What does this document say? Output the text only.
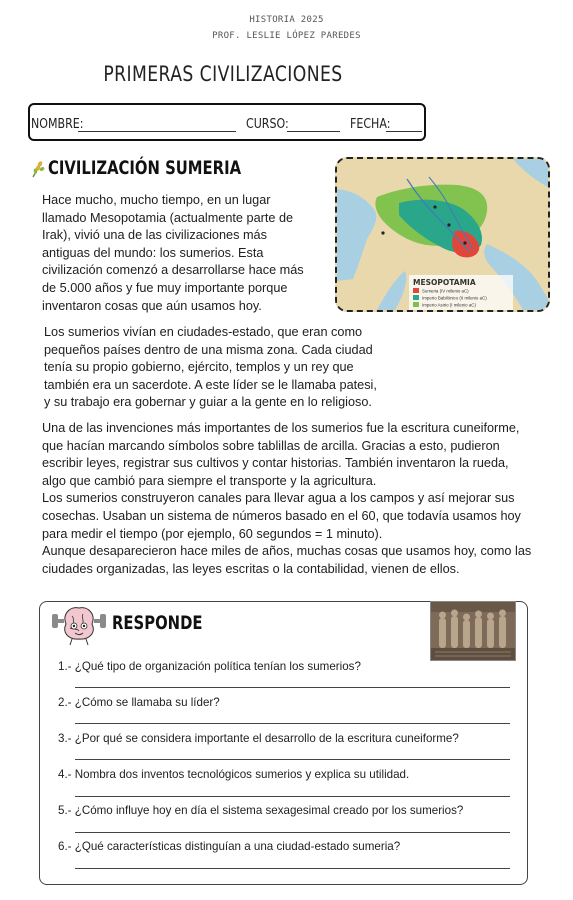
HISTORIA 2025
PROF. LESLIE LÓPEZ PAREDES
PRIMERAS CIVILIZACIONES
NOMBRE:	CURSO:	FECHA:
CIVILIZACIÓN SUMERIA
Hace mucho, mucho tiempo, en un lugar
llamado Mesopotamia (actualmente parte de
Irak), vivió una de las civilizaciones más
antiguas del mundo: los sumerios. Esta
civilización comenzó a desarrollarse hace más
de 5.000 años y fue muy importante porque
inventaron cosas que aún usamos hoy.
MESOPOTAMIA
Sumeria (IV milenio aC)
Imperio Babilónico (II milenio aC)
Imperio Asirio (I milenio aC)
Los sumerios vivían en ciudades-estado, que eran como
pequeños países dentro de una misma zona. Cada ciudad
tenía su propio gobierno, ejército, templos y un rey que
también era un sacerdote. A este líder se le llamaba patesi,
y su trabajo era gobernar y guiar a la gente en lo religioso.
Una de las invenciones más importantes de los sumerios fue la escritura cuneiforme,
que hacían marcando símbolos sobre tablillas de arcilla. Gracias a esto, pudieron
escribir leyes, registrar sus cultivos y contar historias. También inventaron la rueda,
algo que cambió para siempre el transporte y la agricultura.
Los sumerios construyeron canales para llevar agua a los campos y así mejorar sus
cosechas. Usaban un sistema de números basado en el 60, que todavía usamos hoy
para medir el tiempo (por ejemplo, 60 segundos = 1 minuto).
Aunque desaparecieron hace miles de años, muchas cosas que usamos hoy, como las
ciudades organizadas, las leyes escritas o la contabilidad, vienen de ellos.
RESPONDE
1.- ¿Qué tipo de organización política tenían los sumerios?
2.- ¿Cómo se llamaba su líder?
3.- ¿Por qué se considera importante el desarrollo de la escritura cuneiforme?
4.- Nombra dos inventos tecnológicos sumerios y explica su utilidad.
5.- ¿Cómo influye hoy en día el sistema sexagesimal creado por los sumerios?
6.- ¿Qué características distinguían a una ciudad-estado sumeria?
